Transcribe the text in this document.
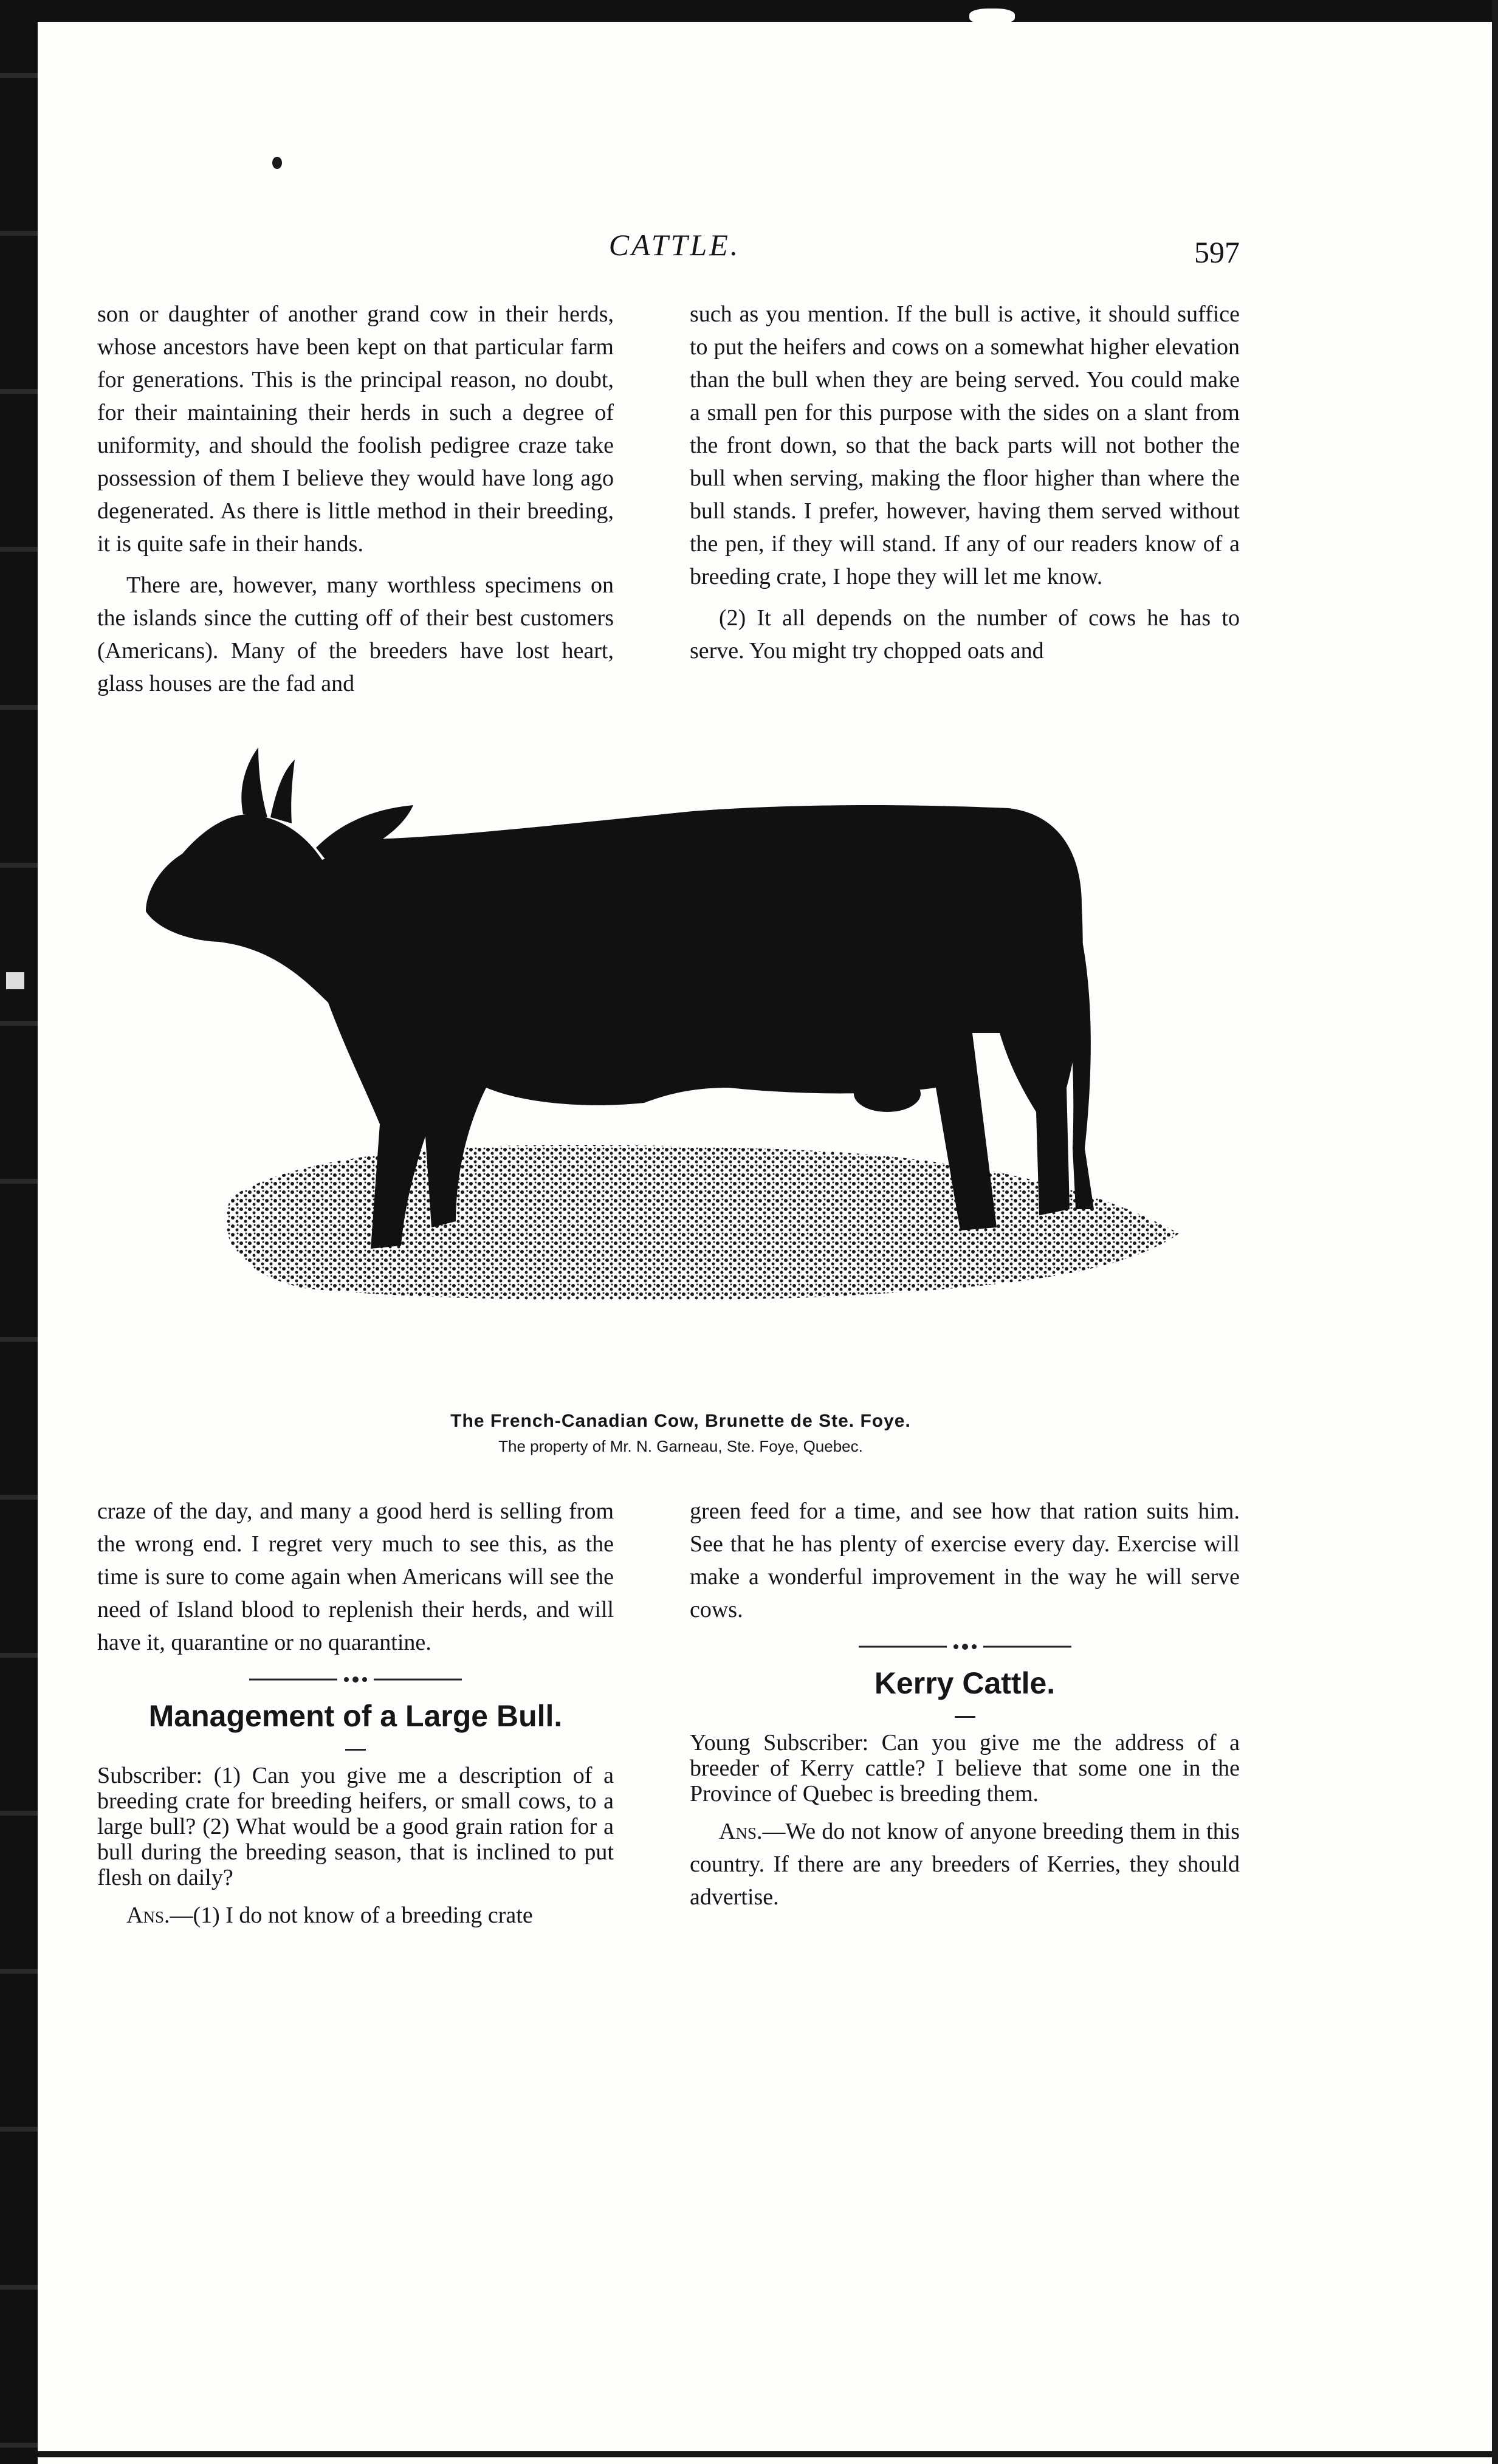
CATTLE.	597

son or daughter of another grand cow in their herds, whose ancestors have been kept on that particular farm for generations. This is the principal reason, no doubt, for their maintaining their herds in such a degree of uniformity, and should the foolish pedigree craze take possession of them I believe they would have long ago degenerated. As there is little method in their breeding, it is quite safe in their hands.

There are, however, many worthless specimens on the islands since the cutting off of their best customers (Americans). Many of the breeders have lost heart, glass houses are the fad and

such as you mention. If the bull is active, it should suffice to put the heifers and cows on a somewhat higher elevation than the bull when they are being served. You could make a small pen for this purpose with the sides on a slant from the front down, so that the back parts will not bother the bull when serving, making the floor higher than where the bull stands. I prefer, however, having them served without the pen, if they will stand. If any of our readers know of a breeding crate, I hope they will let me know.

(2) It all depends on the number of cows he has to serve. You might try chopped oats and

The French-Canadian Cow, Brunette de Ste. Foye.
The property of Mr. N. Garneau, Ste. Foye, Quebec.

craze of the day, and many a good herd is selling from the wrong end. I regret very much to see this, as the time is sure to come again when Americans will see the need of Island blood to replenish their herds, and will have it, quarantine or no quarantine.

Management of a Large Bull.

Subscriber: (1) Can you give me a description of a breeding crate for breeding heifers, or small cows, to a large bull? (2) What would be a good grain ration for a bull during the breeding season, that is inclined to put flesh on daily?

Ans.—(1) I do not know of a breeding crate

green feed for a time, and see how that ration suits him. See that he has plenty of exercise every day. Exercise will make a wonderful improvement in the way he will serve cows.

Kerry Cattle.

Young Subscriber: Can you give me the address of a breeder of Kerry cattle? I believe that some one in the Province of Quebec is breeding them.

Ans.—We do not know of anyone breeding them in this country. If there are any breeders of Kerries, they should advertise.
